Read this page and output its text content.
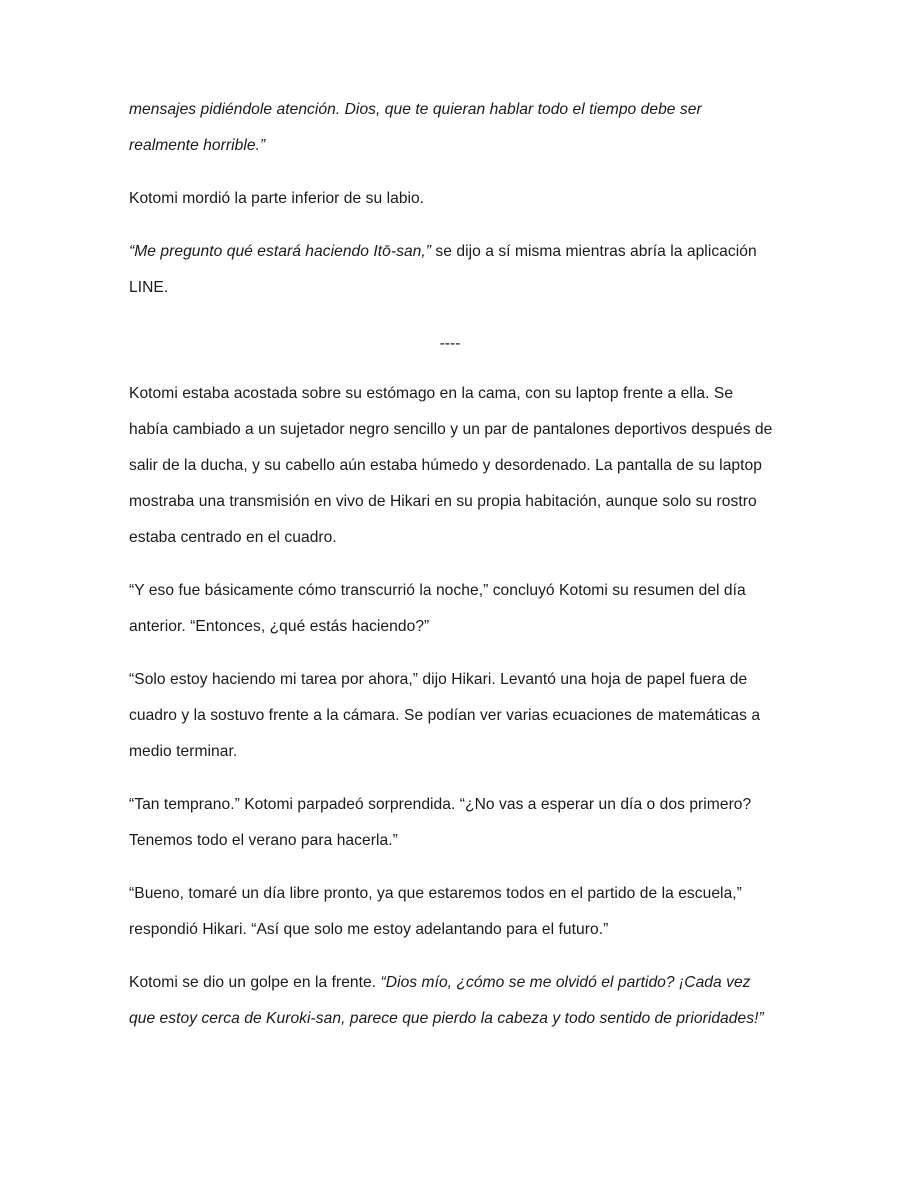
mensajes pidiéndole atención. Dios, que te quieran hablar todo el tiempo debe ser realmente horrible.”

Kotomi mordió la parte inferior de su labio.

“Me pregunto qué estará haciendo Itō-san,” se dijo a sí misma mientras abría la aplicación LINE.

----

Kotomi estaba acostada sobre su estómago en la cama, con su laptop frente a ella. Se había cambiado a un sujetador negro sencillo y un par de pantalones deportivos después de salir de la ducha, y su cabello aún estaba húmedo y desordenado. La pantalla de su laptop mostraba una transmisión en vivo de Hikari en su propia habitación, aunque solo su rostro estaba centrado en el cuadro.

“Y eso fue básicamente cómo transcurrió la noche,” concluyó Kotomi su resumen del día anterior. “Entonces, ¿qué estás haciendo?”

“Solo estoy haciendo mi tarea por ahora,” dijo Hikari. Levantó una hoja de papel fuera de cuadro y la sostuvo frente a la cámara. Se podían ver varias ecuaciones de matemáticas a medio terminar.

“Tan temprano.” Kotomi parpadeó sorprendida. “¿No vas a esperar un día o dos primero? Tenemos todo el verano para hacerla.”

“Bueno, tomaré un día libre pronto, ya que estaremos todos en el partido de la escuela,” respondió Hikari. “Así que solo me estoy adelantando para el futuro.”

Kotomi se dio un golpe en la frente. “Dios mío, ¿cómo se me olvidó el partido? ¡Cada vez que estoy cerca de Kuroki-san, parece que pierdo la cabeza y todo sentido de prioridades!”
